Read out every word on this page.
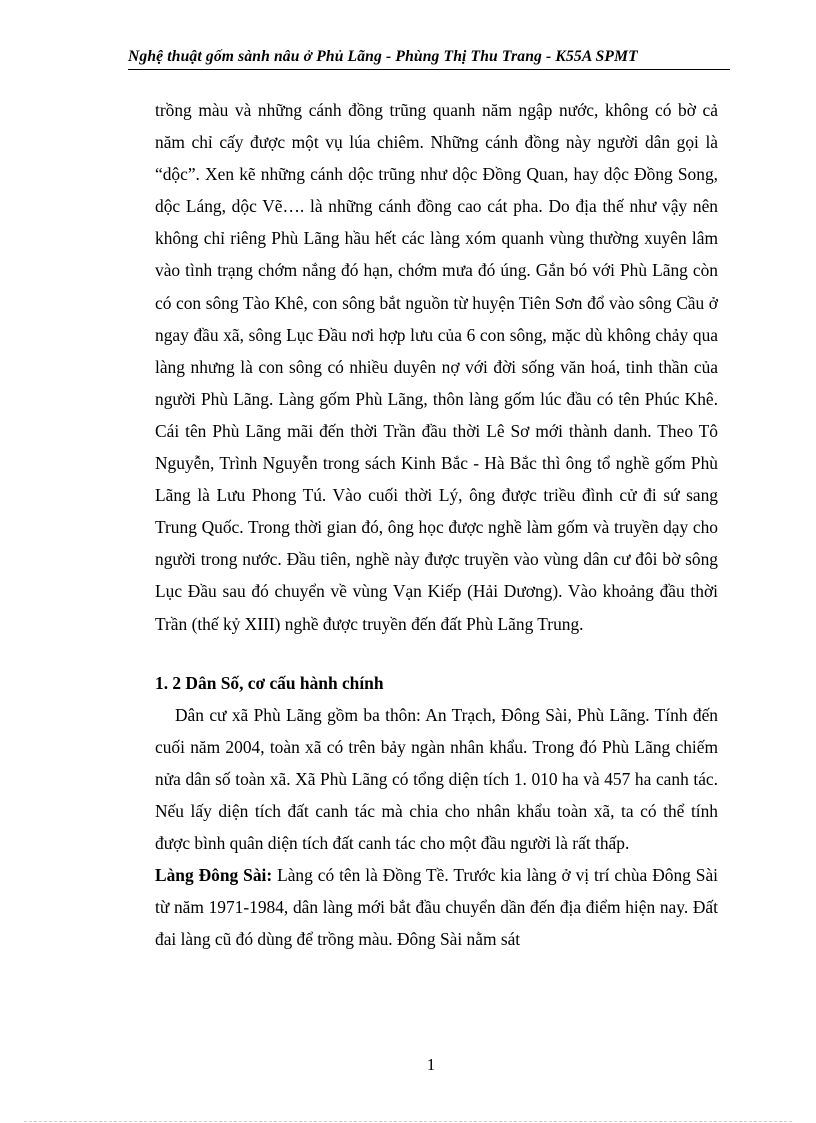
Nghệ thuật gốm sành nâu ở Phủ Lãng - Phùng Thị Thu Trang - K55A SPMT

trồng màu và những cánh đồng trũng quanh năm ngập nước, không có bờ cả năm chỉ cấy được một vụ lúa chiêm. Những cánh đồng này người dân gọi là “dộc”. Xen kẽ những cánh dộc trũng như dộc Đồng Quan, hay dộc Đồng Song, dộc Láng, dộc Vẽ…. là những cánh đồng cao cát pha. Do địa thế như vậy nên không chỉ riêng Phù Lãng hầu hết các làng xóm quanh vùng thường xuyên lâm vào tình trạng chớm nắng đó hạn, chớm mưa đó úng. Gắn bó với Phù Lãng còn có con sông Tào Khê, con sông bắt nguồn từ huyện Tiên Sơn đổ vào sông Cầu ở ngay đầu xã, sông Lục Đầu nơi hợp lưu của 6 con sông, mặc dù không chảy qua làng nhưng là con sông có nhiều duyên nợ với đời sống văn hoá, tinh thần của người Phù Lãng. Làng gốm Phù Lãng, thôn làng gốm lúc đầu có tên Phúc Khê. Cái tên Phù Lãng mãi đến thời Trần đầu thời Lê Sơ mới thành danh. Theo Tô Nguyễn, Trình Nguyễn trong sách Kinh Bắc - Hà Bắc thì ông tổ nghề gốm Phù Lãng là Lưu Phong Tú. Vào cuối thời Lý, ông được triều đình cử đi sứ sang Trung Quốc. Trong thời gian đó, ông học được nghề làm gốm và truyền dạy cho người trong nước. Đầu tiên, nghề này được truyền vào vùng dân cư đôi bờ sông Lục Đầu sau đó chuyển về vùng Vạn Kiếp (Hải Dương). Vào khoảng đầu thời Trần (thế kỷ XIII) nghề được truyền đến đất Phù Lãng Trung.

1. 2 Dân Số, cơ cấu hành chính

Dân cư xã Phù Lãng gồm ba thôn: An Trạch, Đông Sài, Phù Lãng. Tính đến cuối năm 2004, toàn xã có trên bảy ngàn nhân khẩu. Trong đó Phù Lãng chiếm nửa dân số toàn xã. Xã Phù Lãng có tổng diện tích 1. 010 ha và 457 ha canh tác. Nếu lấy diện tích đất canh tác mà chia cho nhân khẩu toàn xã, ta có thể tính được bình quân diện tích đất canh tác cho một đầu người là rất thấp.

Làng Đông Sài: Làng có tên là Đồng Tề. Trước kia làng ở vị trí chùa Đông Sài từ năm 1971-1984, dân làng mới bắt đầu chuyển dần đến địa điểm hiện nay. Đất đai làng cũ đó dùng để trồng màu. Đông Sài nằm sát

1
